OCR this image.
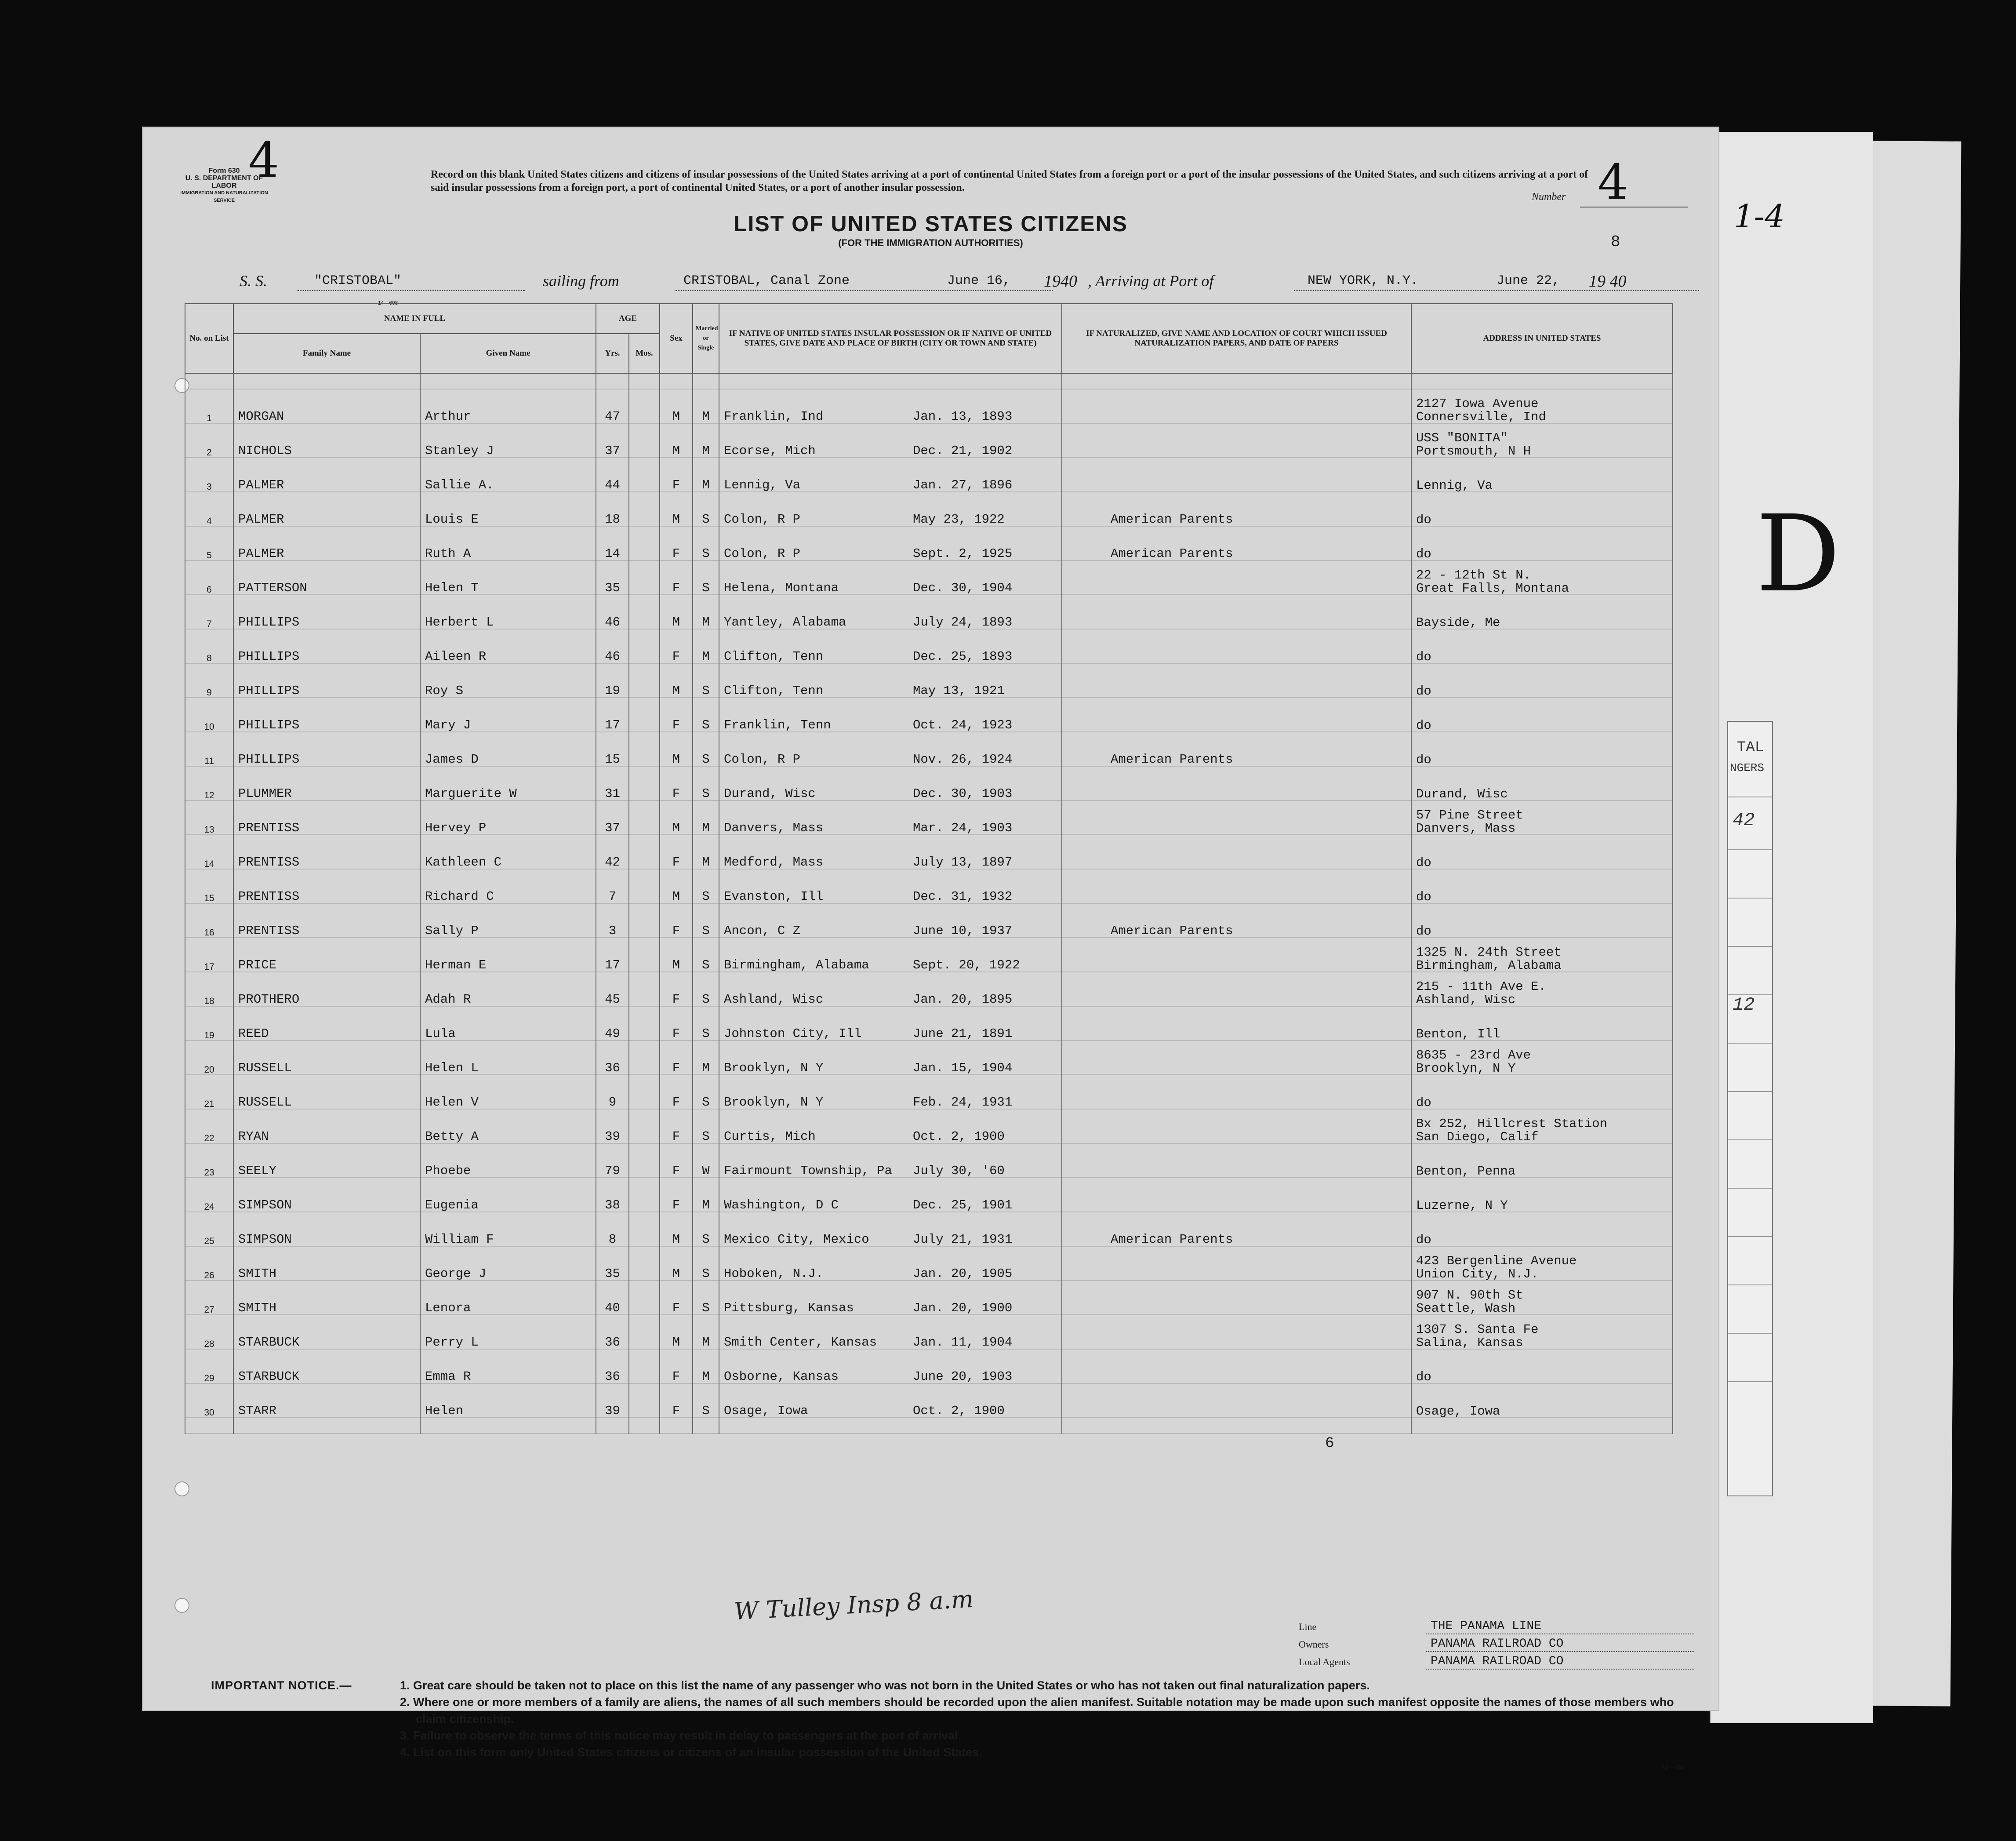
1-4
D
TAL
NGERS
42
12
4
Form 630
U. S. DEPARTMENT OF LABOR
IMMIGRATION AND NATURALIZATION SERVICE
Record on this blank United States citizens and citizens of insular possessions of the United States arriving at a port of continental United States from a foreign port or a port of the insular possessions of the United States, and such citizens arriving at a port of said insular possessions from a foreign port, a port of continental United States, or a port of another insular possession.
Number 4
LIST OF UNITED STATES CITIZENS
(FOR THE IMMIGRATION AUTHORITIES)	8
S. S.	"CRISTOBAL"	sailing from	CRISTOBAL, Canal Zone	June 16, 1940 , Arriving at Port of	NEW YORK, N.Y.	June 22, 19 40
14—608
No. on List	NAME IN FULL		AGE		Sex	Married or Single	IF NATIVE OF UNITED STATES INSULAR POSSESSION OR IF NATIVE OF UNITED STATES, GIVE DATE AND PLACE OF BIRTH (CITY OR TOWN AND STATE)	IF NATURALIZED, GIVE NAME AND LOCATION OF COURT WHICH ISSUED NATURALIZATION PAPERS, AND DATE OF PAPERS	ADDRESS IN UNITED STATES
	Family Name	Given Name	Yrs.	Mos.					

1	MORGAN	Arthur	47		M	M	Franklin, Ind Jan. 13, 1893		2127 Iowa Avenue
Connersville, Ind

2	NICHOLS	Stanley J	37		M	M	Ecorse, Mich Dec. 21, 1902		USS "BONITA"
Portsmouth, N H

3	PALMER	Sallie A.	44		F	M	Lennig, Va Jan. 27, 1896		Lennig, Va

4	PALMER	Louis E	18		M	S	Colon, R P May 23, 1922	American Parents	do

5	PALMER	Ruth A	14		F	S	Colon, R P Sept. 2, 1925	American Parents	do

6	PATTERSON	Helen T	35		F	S	Helena, Montana Dec. 30, 1904		22 - 12th St N.
Great Falls, Montana

7	PHILLIPS	Herbert L	46		M	M	Yantley, Alabama July 24, 1893		Bayside, Me

8	PHILLIPS	Aileen R	46		F	M	Clifton, Tenn Dec. 25, 1893		do

9	PHILLIPS	Roy S	19		M	S	Clifton, Tenn May 13, 1921		do

10	PHILLIPS	Mary J	17		F	S	Franklin, Tenn Oct. 24, 1923		do

11	PHILLIPS	James D	15		M	S	Colon, R P Nov. 26, 1924	American Parents	do

12	PLUMMER	Marguerite W	31		F	S	Durand, Wisc Dec. 30, 1903		Durand, Wisc

13	PRENTISS	Hervey P	37		M	M	Danvers, Mass Mar. 24, 1903		57 Pine Street
Danvers, Mass

14	PRENTISS	Kathleen C	42		F	M	Medford, Mass July 13, 1897		do

15	PRENTISS	Richard C	7		M	S	Evanston, Ill Dec. 31, 1932		do

16	PRENTISS	Sally P	3		F	S	Ancon, C Z June 10, 1937	American Parents	do

17	PRICE	Herman E	17		M	S	Birmingham, Alabama Sept. 20, 1922		1325 N. 24th Street
Birmingham, Alabama

18	PROTHERO	Adah R	45		F	S	Ashland, Wisc Jan. 20, 1895		215 - 11th Ave E.
Ashland, Wisc

19	REED	Lula	49		F	S	Johnston City, Ill June 21, 1891		Benton, Ill

20	RUSSELL	Helen L	36		F	M	Brooklyn, N Y Jan. 15, 1904		8635 - 23rd Ave
Brooklyn, N Y

21	RUSSELL	Helen V	9		F	S	Brooklyn, N Y Feb. 24, 1931		do

22	RYAN	Betty A	39		F	S	Curtis, Mich Oct. 2, 1900		Bx 252, Hillcrest Station
San Diego, Calif

23	SEELY	Phoebe	79		F	W	Fairmount Township, Pa July 30, '60		Benton, Penna

24	SIMPSON	Eugenia	38		F	M	Washington, D C Dec. 25, 1901		Luzerne, N Y

25	SIMPSON	William F	8		M	S	Mexico City, Mexico July 21, 1931	American Parents	do

26	SMITH	George J	35		M	S	Hoboken, N.J. Jan. 20, 1905		423 Bergenline Avenue
Union City, N.J.

27	SMITH	Lenora	40		F	S	Pittsburg, Kansas Jan. 20, 1900		907 N. 90th St
Seattle, Wash

28	STARBUCK	Perry L	36		M	M	Smith Center, Kansas Jan. 11, 1904		1307 S. Santa Fe
Salina, Kansas

29	STARBUCK	Emma R	36		F	M	Osborne, Kansas June 20, 1903		do

30	STARR	Helen	39		F	S	Osage, Iowa Oct. 2, 1900		Osage, Iowa

6
W Tulley Insp 8 a.m
Line	THE PANAMA LINE
Owners	PANAMA RAILROAD CO
Local Agents	PANAMA RAILROAD CO
IMPORTANT NOTICE.—	1. Great care should be taken not to place on this list the name of any passenger who was not born in the United States or who has not taken out final naturalization papers.
2. Where one or more members of a family are aliens, the names of all such members should be recorded upon the alien manifest. Suitable notation may be made upon such manifest opposite the names of those members who claim citizenship.
3. Failure to observe the terms of this notice may result in delay to passengers at the port of arrival.
4. List on this form only United States citizens or citizens of an insular possession of the United States.
14—608
